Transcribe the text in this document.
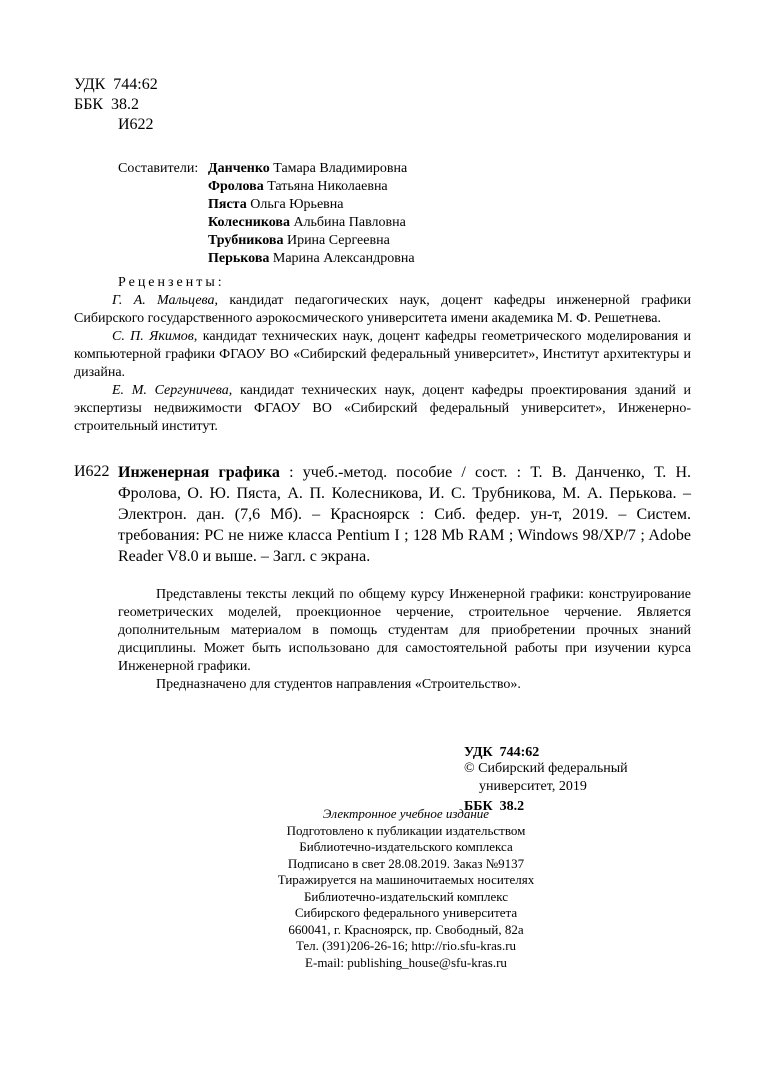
УДК 744:62
ББК 38.2
И622
Составители: Данченко Тамара Владимировна
Фролова Татьяна Николаевна
Пяста Ольга Юрьевна
Колесникова Альбина Павловна
Трубникова Ирина Сергеевна
Перькова Марина Александровна
Рецензенты:

Г. А. Мальцева, кандидат педагогических наук, доцент кафедры инженерной графики Сибирского государственного аэрокосмического университета имени академика М. Ф. Решетнева.

С. П. Якимов, кандидат технических наук, доцент кафедры геометрического моделирования и компьютерной графики ФГАОУ ВО «Сибирский федеральный университет», Институт архитектуры и дизайна.

Е. М. Сергуничева, кандидат технических наук, доцент кафедры проектирования зданий и экспертизы недвижимости ФГАОУ ВО «Сибирский федеральный университет», Инженерно-строительный институт.

И622 Инженерная графика : учеб.-метод. пособие / сост. : Т. В. Данченко, Т. Н. Фролова, О. Ю. Пяста, А. П. Колесникова, И. С. Трубникова, М. А. Перькова. – Электрон. дан. (7,6 Мб). – Красноярск : Сиб. федер. ун-т, 2019. – Систем. требования: PC не ниже класса Pentium I ; 128 Mb RAM ; Windows 98/XP/7 ; Adobe Reader V8.0 и выше. – Загл. с экрана.

Представлены тексты лекций по общему курсу Инженерной графики: конструирование геометрических моделей, проекционное черчение, строительное черчение. Является дополнительным материалом в помощь студентам для приобретении прочных знаний дисциплины. Может быть использовано для самостоятельной работы при изучении курса Инженерной графики.

Предназначено для студентов направления «Строительство».

УДК  744:62

ББК  38.2

© Сибирский федеральный
университет, 2019
Электронное учебное издание
Подготовлено к публикации издательством
Библиотечно-издательского комплекса
Подписано в свет 28.08.2019. Заказ №9137
Тиражируется на машиночитаемых носителях
Библиотечно-издательский комплекс
Сибирского федерального университета
660041, г. Красноярск, пр. Свободный, 82а
Тел. (391)206-26-16; http://rio.sfu-kras.ru
E-mail: publishing_house@sfu-kras.ru
